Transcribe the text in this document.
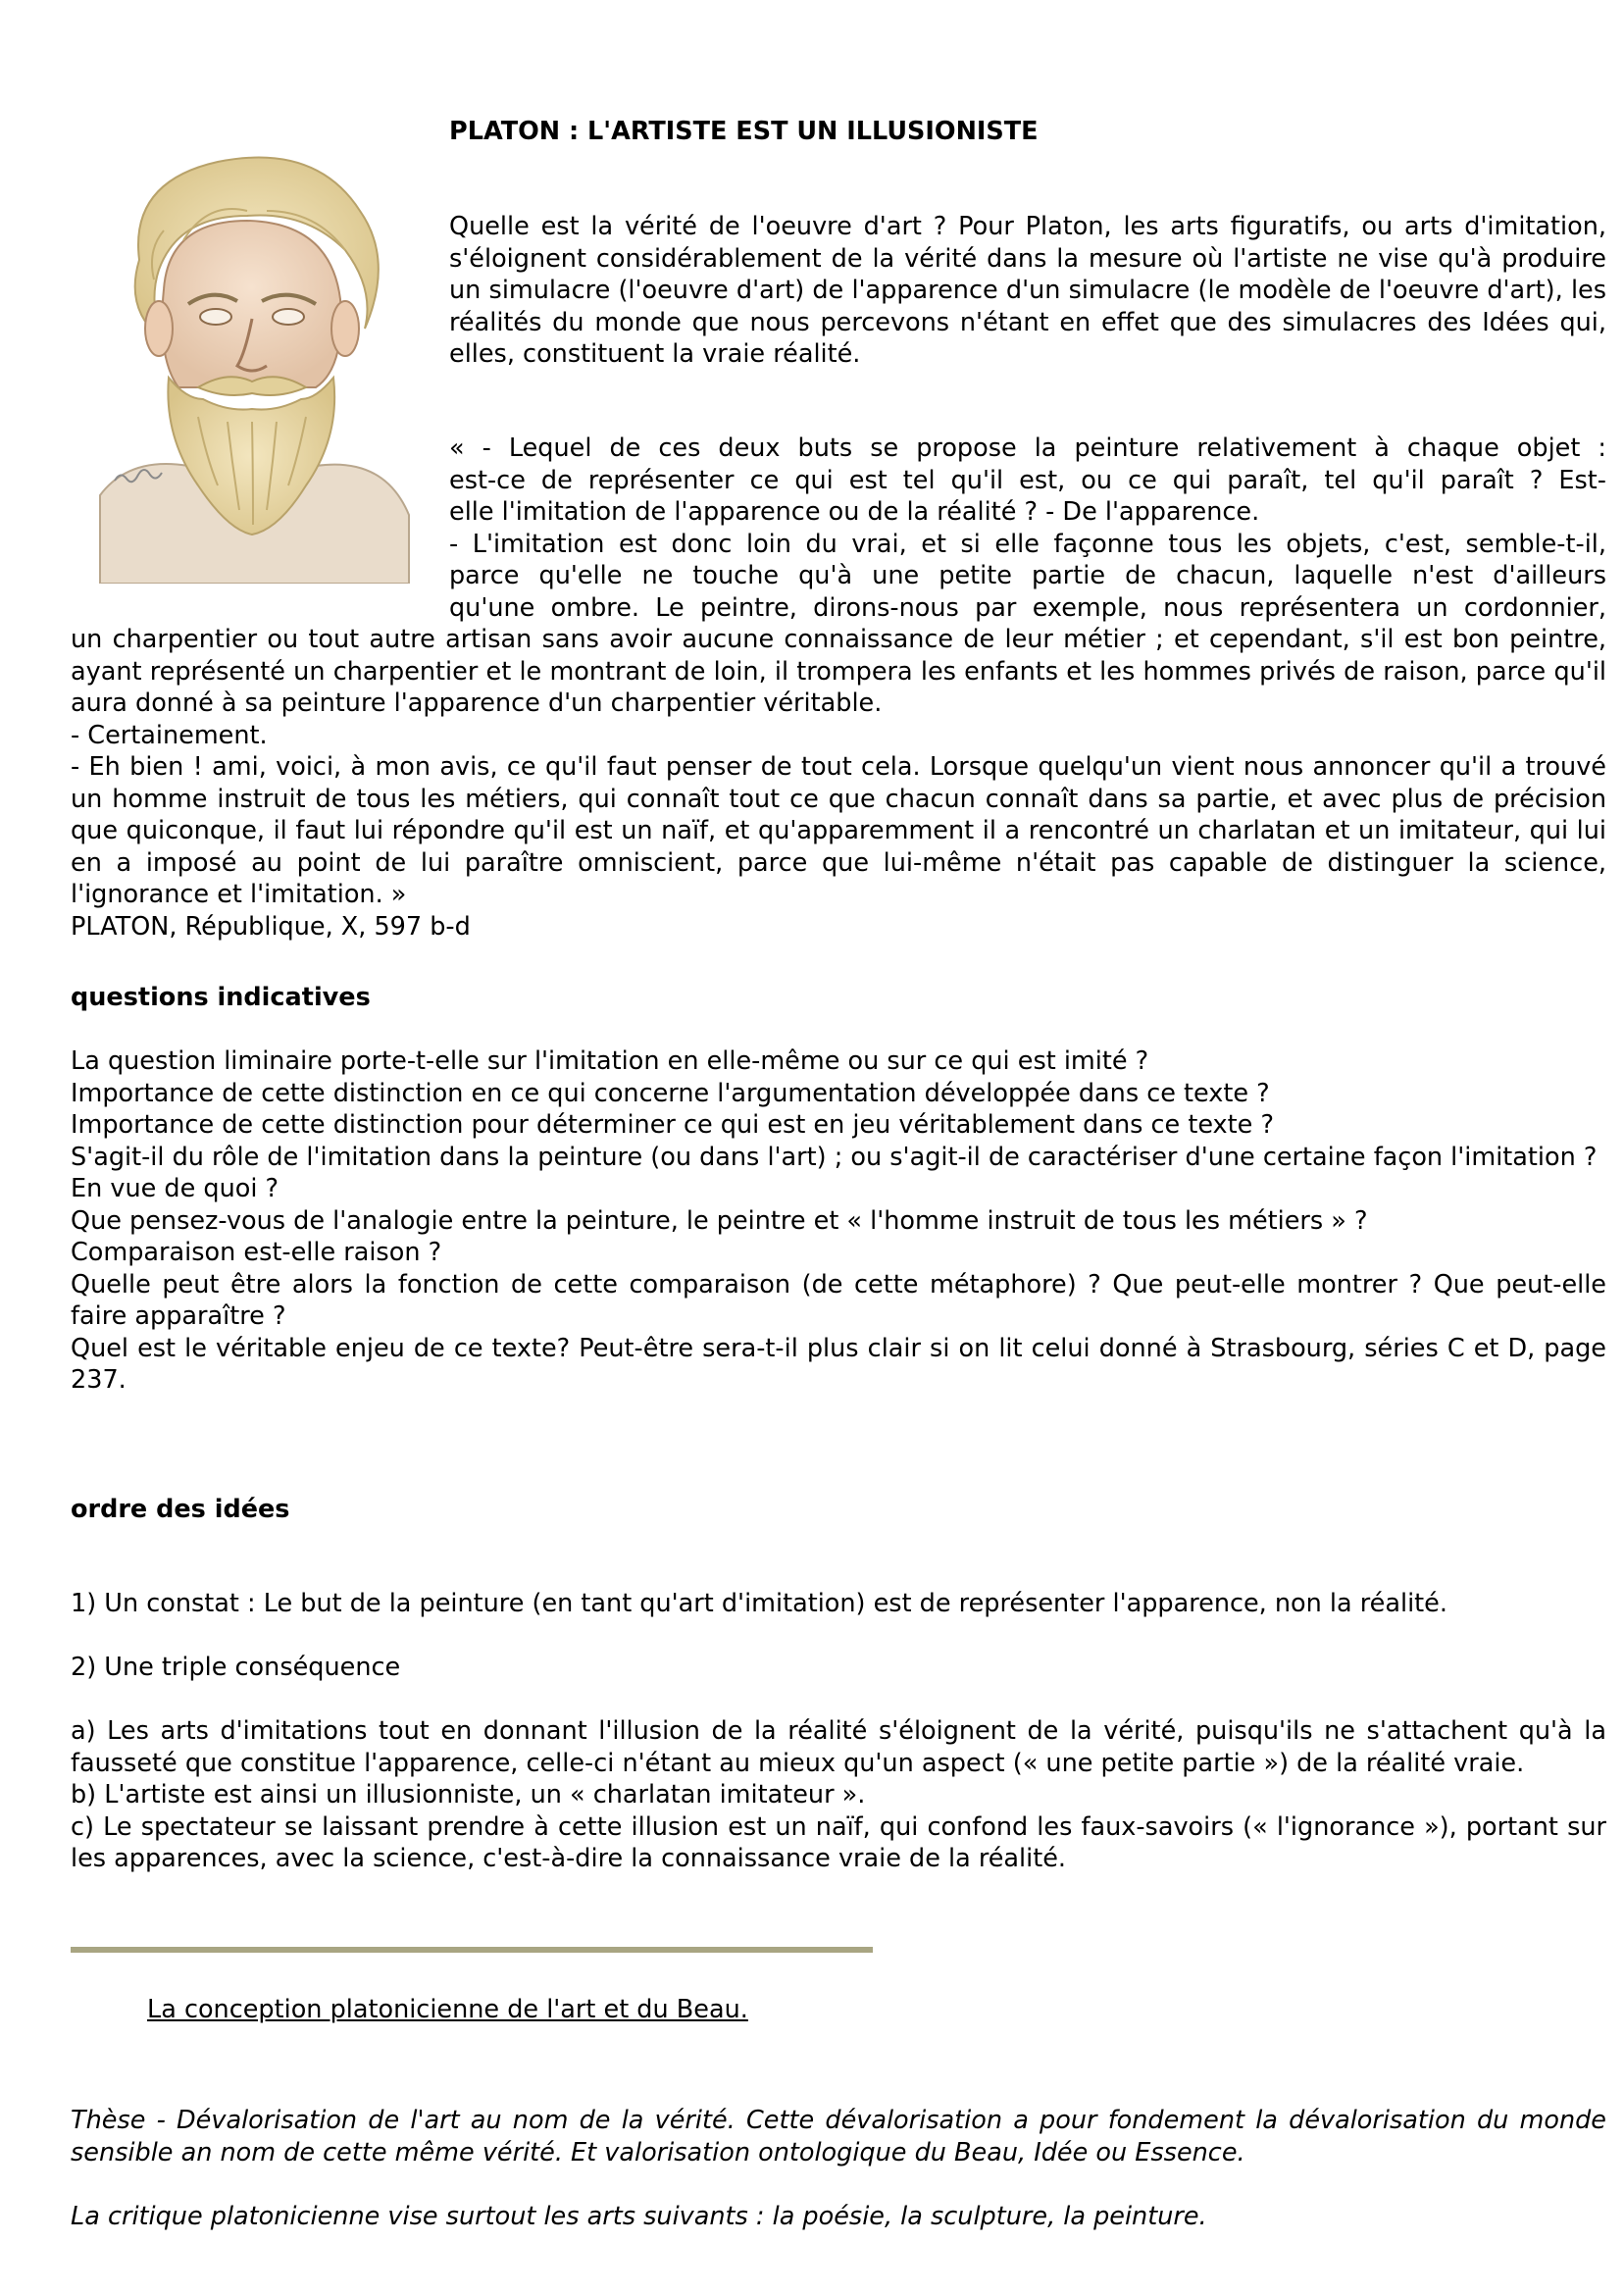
PLATON : L'ARTISTE EST UN ILLUSIONISTE

Quelle est la vérité de l'oeuvre d'art ? Pour Platon, les arts figuratifs, ou arts d'imitation, s'éloignent considérablement de la vérité dans la mesure où l'artiste ne vise qu'à produire un simulacre (l'oeuvre d'art) de l'apparence d'un simulacre (le modèle de l'oeuvre d'art), les réalités du monde que nous percevons n'étant en effet que des simulacres des Idées qui, elles, constituent la vraie réalité.

« - Lequel de ces deux buts se propose la peinture relativement à chaque objet :
est-ce de représenter ce qui est tel qu'il est, ou ce qui paraît, tel qu'il paraît ? Est-
elle l'imitation de l'apparence ou de la réalité ? - De l'apparence.
- L'imitation est donc loin du vrai, et si elle façonne tous les objets, c'est, semble-t-il,
parce qu'elle ne touche qu'à une petite partie de chacun, laquelle n'est d'ailleurs
qu'une ombre. Le peintre, dirons-nous par exemple, nous représentera un cordonnier,

un charpentier ou tout autre artisan sans avoir aucune connaissance de leur métier ; et cependant, s'il est bon peintre, ayant représenté un charpentier et le montrant de loin, il trompera les enfants et les hommes privés de raison, parce qu'il aura donné à sa peinture l'apparence d'un charpentier véritable.

- Certainement.

- Eh bien ! ami, voici, à mon avis, ce qu'il faut penser de tout cela. Lorsque quelqu'un vient nous annoncer qu'il a trouvé un homme instruit de tous les métiers, qui connaît tout ce que chacun connaît dans sa partie, et avec plus de précision que quiconque, il faut lui répondre qu'il est un naïf, et qu'apparemment il a rencontré un charlatan et un imitateur, qui lui en a imposé au point de lui paraître omniscient, parce que lui-même n'était pas capable de distinguer la science, l'ignorance et l'imitation. »

PLATON, République, X, 597 b-d

questions indicatives

La question liminaire porte-t-elle sur l'imitation en elle-même ou sur ce qui est imité ?

Importance de cette distinction en ce qui concerne l'argumentation développée dans ce texte ?

Importance de cette distinction pour déterminer ce qui est en jeu véritablement dans ce texte ?

S'agit-il du rôle de l'imitation dans la peinture (ou dans l'art) ; ou s'agit-il de caractériser d'une certaine façon l'imitation ?

En vue de quoi ?

Que pensez-vous de l'analogie entre la peinture, le peintre et « l'homme instruit de tous les métiers » ?

Comparaison est-elle raison ?

Quelle peut être alors la fonction de cette comparaison (de cette métaphore) ? Que peut-elle montrer ? Que peut-elle faire apparaître ?

Quel est le véritable enjeu de ce texte? Peut-être sera-t-il plus clair si on lit celui donné à Strasbourg, séries C et D, page 237.

ordre des idées

1) Un constat : Le but de la peinture (en tant qu'art d'imitation) est de représenter l'apparence, non la réalité.

2) Une triple conséquence

a) Les arts d'imitations tout en donnant l'illusion de la réalité s'éloignent de la vérité, puisqu'ils ne s'attachent qu'à la fausseté que constitue l'apparence, celle-ci n'étant au mieux qu'un aspect (« une petite partie ») de la réalité vraie.

b) L'artiste est ainsi un illusionniste, un « charlatan imitateur ».

c) Le spectateur se laissant prendre à cette illusion est un naïf, qui confond les faux-savoirs (« l'ignorance »), portant sur les apparences, avec la science, c'est-à-dire la connaissance vraie de la réalité.

La conception platonicienne de l'art et du Beau.

Thèse - Dévalorisation de l'art au nom de la vérité. Cette dévalorisation a pour fondement la dévalorisation du monde sensible an nom de cette même vérité. Et valorisation ontologique du Beau, Idée ou Essence.

La critique platonicienne vise surtout les arts suivants : la poésie, la sculpture, la peinture.
